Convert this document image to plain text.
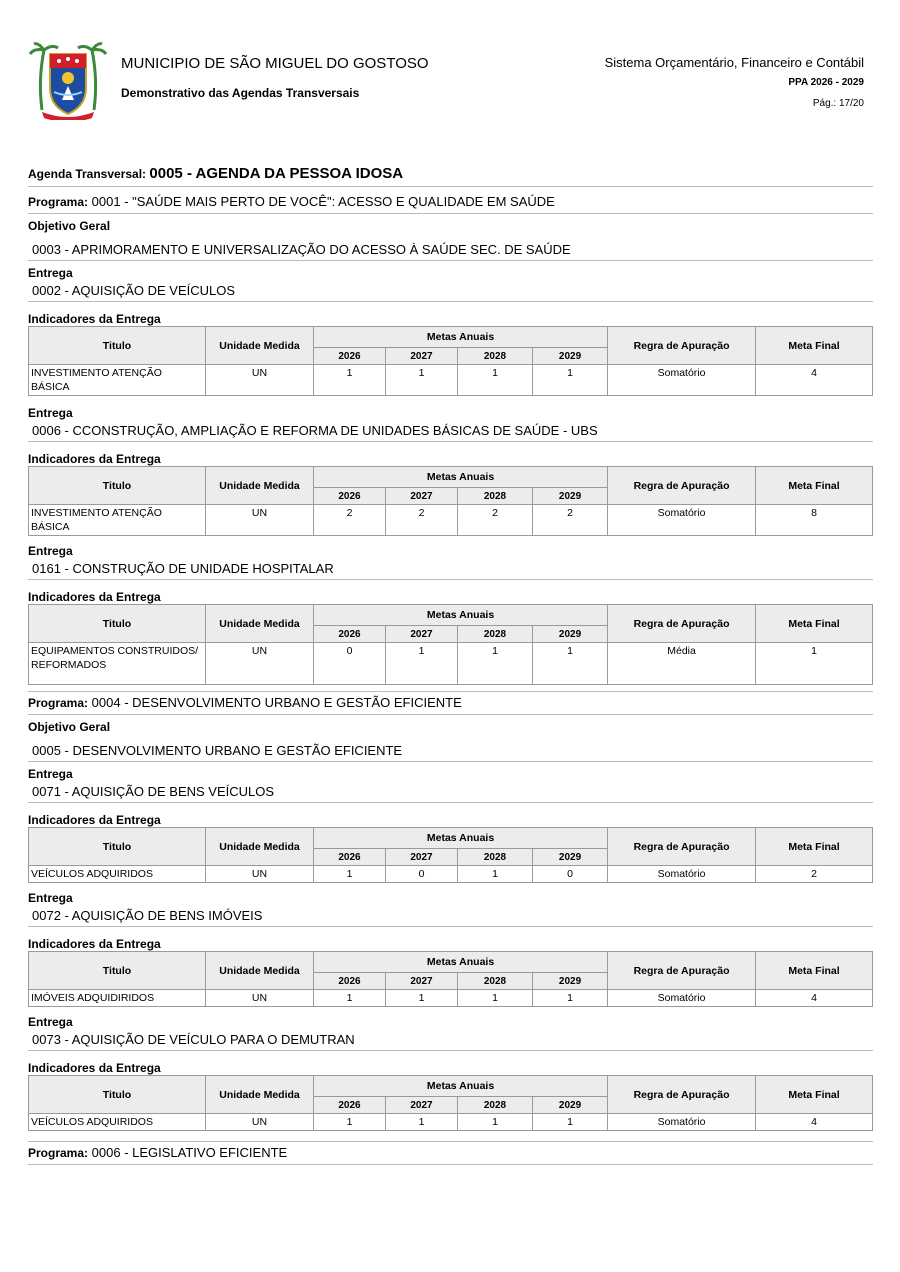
MUNICIPIO DE SÃO MIGUEL DO GOSTOSO
Demonstrativo das Agendas Transversais
Sistema Orçamentário, Financeiro e Contábil
PPA 2026 - 2029
Pág.: 17/20
Agenda Transversal: 0005 - AGENDA DA PESSOA IDOSA
Programa: 0001 - "SAÚDE MAIS PERTO DE VOCÊ": ACESSO E QUALIDADE EM SAÚDE
Objetivo Geral
0003 - APRIMORAMENTO E UNIVERSALIZAÇÃO DO ACESSO À SAÚDE SEC. DE SAÚDE
Entrega
0002 - AQUISIÇÃO DE VEÍCULOS
Indicadores da Entrega
Titulo	Unidade Medida	Metas Anuais				Regra de Apuração	Meta Final
		2026	2027	2028	2029		
INVESTIMENTO ATENÇÃO BÁSICA	UN	1	1	1	1	Somatório	4
Entrega
0006 - CCONSTRUÇÃO, AMPLIAÇÃO E REFORMA DE UNIDADES BÁSICAS DE SAÚDE - UBS
Indicadores da Entrega
Titulo	Unidade Medida	Metas Anuais				Regra de Apuração	Meta Final
		2026	2027	2028	2029		
INVESTIMENTO ATENÇÃO BÁSICA	UN	2	2	2	2	Somatório	8
Entrega
0161 - CONSTRUÇÃO DE UNIDADE HOSPITALAR
Indicadores da Entrega
Titulo	Unidade Medida	Metas Anuais				Regra de Apuração	Meta Final
		2026	2027	2028	2029		
EQUIPAMENTOS CONSTRUIDOS/REFORMADOS	UN	0	1	1	1	Média	1
Programa: 0004 - DESENVOLVIMENTO URBANO E GESTÃO EFICIENTE
Objetivo Geral
0005 - DESENVOLVIMENTO URBANO E GESTÃO EFICIENTE
Entrega
0071 - AQUISIÇÃO DE BENS VEÍCULOS
Indicadores da Entrega
Titulo	Unidade Medida	Metas Anuais				Regra de Apuração	Meta Final
		2026	2027	2028	2029		
VEÍCULOS ADQUIRIDOS	UN	1	0	1	0	Somatório	2
Entrega
0072 - AQUISIÇÃO DE BENS IMÓVEIS
Indicadores da Entrega
Titulo	Unidade Medida	Metas Anuais				Regra de Apuração	Meta Final
		2026	2027	2028	2029		
IMÓVEIS ADQUIDIRIDOS	UN	1	1	1	1	Somatório	4
Entrega
0073 - AQUISIÇÃO DE VEÍCULO PARA O DEMUTRAN
Indicadores da Entrega
Titulo	Unidade Medida	Metas Anuais				Regra de Apuração	Meta Final
		2026	2027	2028	2029		
VEÍCULOS ADQUIRIDOS	UN	1	1	1	1	Somatório	4
Programa: 0006 - LEGISLATIVO EFICIENTE
